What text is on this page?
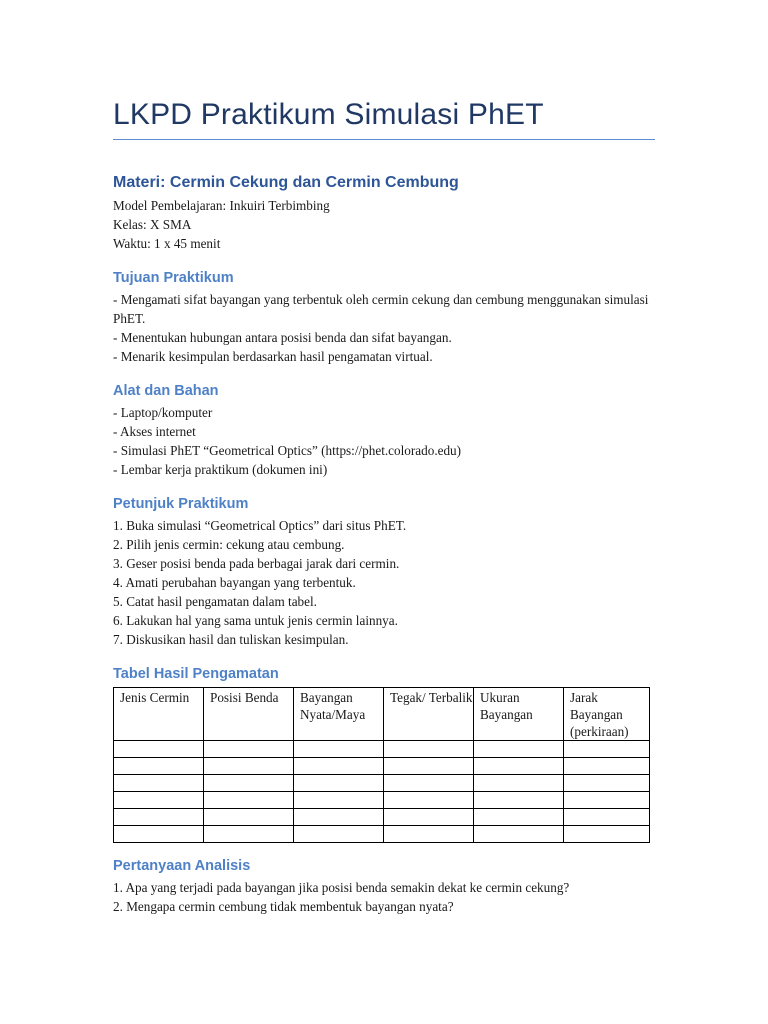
LKPD Praktikum Simulasi PhET
Materi: Cermin Cekung dan Cermin Cembung
Model Pembelajaran: Inkuiri Terbimbing
Kelas: X SMA
Waktu: 1 x 45 menit
Tujuan Praktikum
- Mengamati sifat bayangan yang terbentuk oleh cermin cekung dan cembung menggunakan simulasi PhET.
- Menentukan hubungan antara posisi benda dan sifat bayangan.
- Menarik kesimpulan berdasarkan hasil pengamatan virtual.
Alat dan Bahan
- Laptop/komputer
- Akses internet
- Simulasi PhET “Geometrical Optics” (https://phet.colorado.edu)
- Lembar kerja praktikum (dokumen ini)
Petunjuk Praktikum
1. Buka simulasi “Geometrical Optics” dari situs PhET.
2. Pilih jenis cermin: cekung atau cembung.
3. Geser posisi benda pada berbagai jarak dari cermin.
4. Amati perubahan bayangan yang terbentuk.
5. Catat hasil pengamatan dalam tabel.
6. Lakukan hal yang sama untuk jenis cermin lainnya.
7. Diskusikan hasil dan tuliskan kesimpulan.
Tabel Hasil Pengamatan
Jenis Cermin	Posisi Benda	Bayangan Nyata/Maya	Tegak/ Terbalik	Ukuran Bayangan	Jarak Bayangan (perkiraan)

Pertanyaan Analisis
1. Apa yang terjadi pada bayangan jika posisi benda semakin dekat ke cermin cekung?
2. Mengapa cermin cembung tidak membentuk bayangan nyata?
